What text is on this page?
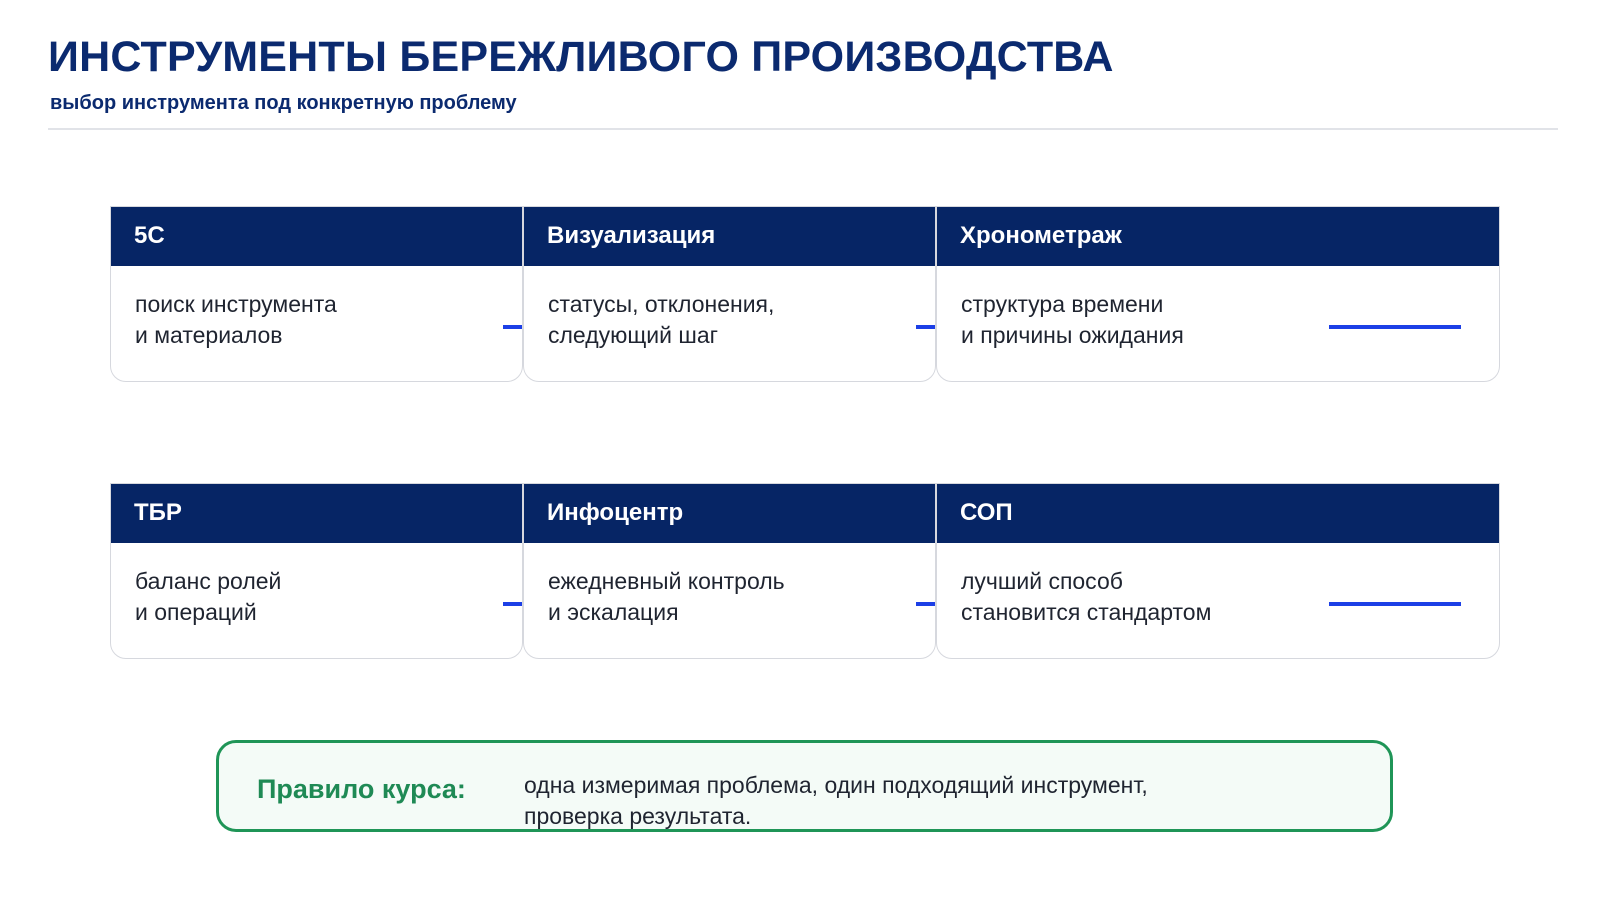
ИНСТРУМЕНТЫ БЕРЕЖЛИВОГО ПРОИЗВОДСТВА

выбор инструмента под конкретную проблему

5С
поиск инструмента
и материалов
Визуализация
статусы, отклонения,
следующий шаг
Хронометраж
структура времени
и причины ожидания
ТБР
баланс ролей
и операций
Инфоцентр
ежедневный контроль
и эскалация
СОП
лучший способ
становится стандартом
Правило курса:	одна измеримая проблема, один подходящий инструмент,
проверка результата.
